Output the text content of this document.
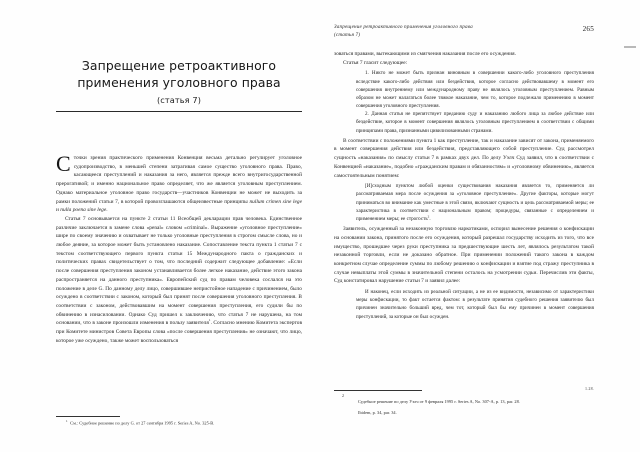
Запрещение ретроактивного применения уголовного права
(статья 7)

С точки зрения практического применения Конвенция весьма детально регулирует уголовное судопроизводство, в меньшей степени затрагивая самое существо уголовного права. Право, касающееся преступлений и наказания за него, является прежде всего внутригосударственной прерогативой; и именно национальное право определяет, что же является уголовным преступлением. Однако материальное уголовное право государств—участников Конвенции не может не выходить за рамки положений статьи 7, в которой провозглашаются общеизвестные принципы nullum crimen sine lege и nulla poena sine lege.

Статья 7 основывается на пункте 2 статьи 11 Всеобщей декларации прав человека. Единственное различие заключается в замене слова «penal» словом «criminal». Выражение «уголовное преступление» шире по своему значению и охватывает не только уголовные преступления в строгом смысле слова, но и любое деяние, за которое может быть установлено наказание. Сопоставление текста пункта 1 статьи 7 с текстом соответствующего первого пункта статьи 15 Международного пакта о гражданских и политических правах свидетельствует о том, что последний содержит следующее добавление: «Если после совершения преступления законом устанавливается более легкое наказание, действие этого закона распространяется на данного преступника». Европейский суд по правам человека сослался на это положение в деле G. По данному делу лицо, совершившее непристойное нападение с причинением, было осуждено в соответствии с законом, который был принят после совершения уголовного преступления. В соответствии с законом, действовавшим на момент совершения преступления, его судили бы по обвинению в изнасиловании. Однако Суд пришел к заключению, что статья 7 не нарушена, на том основании, что в законе произошли изменения в пользу заявителя$^1$. Согласно мнению Комитета экспертов при Комитете министров Совета Европы слова «после совершения преступления» не означают, что лицо, которое уже осуждено, также может воспользоваться

$^1$ См.: Судебное решение по делу G. от 27 сентября 1995 г. Series A, No. 325-B.
Запрещение ретроактивного применения уголовного права
(статья 7)
265

зоваться правами, вытекающими из смягчения наказания после его осуждения.

Статья 7 гласит следующее:

1. Никто не может быть признан виновным в совершении какого-либо уголовного преступления вследствие какого-либо действия или бездействия, которое согласно действовавшему в момент его совершения внутреннему или международному праву не являлось уголовным преступлением. Равным образом не может налагаться более тяжкое наказание, чем то, которое подлежало применению в момент совершения уголовного преступления.

2. Данная статья не препятствует преданию суду и наказанию любого лица за любое действие или бездействие, которое в момент совершения являлось уголовным преступлением в соответствии с общими принципами права, признанными цивилизованными странами.

В соответствии с положениями пункта 1 как преступление, так и наказание зависят от закона, применяемого в момент совершения действия или бездействия, представляющего собой преступление. Суд рассмотрел сущность «наказания» по смыслу статьи 7 в рамках двух дел. По делу Уэлч Суд заявил, что в соответствии с Конвенцией «наказание», подобно «гражданским правам и обязанностям» и «уголовному обвинению», является самостоятельным понятием:

[И]сходным пунктом любой оценки существования наказания является то, применяется ли рассматриваемая мера после осуждения за «уголовное преступление». Другие факторы, которые могут приниматься во внимание как уместные в этой связи, включают сущность и цель рассматриваемой меры; ее характеристика в соответствии с национальным правом; процедуры, связанные с определением и применением меры; ее строгость$^2$.

Заявитель, осужденный за незаконную торговлю наркотиками, оспорил вынесение решения о конфискации на основании закона, принятого после его осуждения, который разрешал государству исходить из того, что все имущество, прошедшее через руки преступника за предшествующие шесть лет, являлось результатом такой незаконной торговли, если не доказано обратное. При применении положений такого закона в каждом конкретном случае определение суммы по любому решению о конфискации и взятие под стражу преступника в случае невыплаты этой суммы в значительной степени осталось на усмотрении судьи. Перечислив эти факты, Суд констатировал нарушение статьи 7 и заявил далее:

И наконец, если исходить из реальной ситуации, а не из ее видимости, независимо от характеристики меры конфискации, то факт остается фактом: в результате принятия судебного решения заявителю был причинен значительно больший вред, чем тот, который был бы ему причинен в момент совершения преступлений, за которые он был осужден.

1.28.
2
Судебное решение по делу Уэлч от 9 февраля 1995 г. Series A, No. 307-A, p. 13, par. 28.
Ibidem, p. 34, par. 34.
